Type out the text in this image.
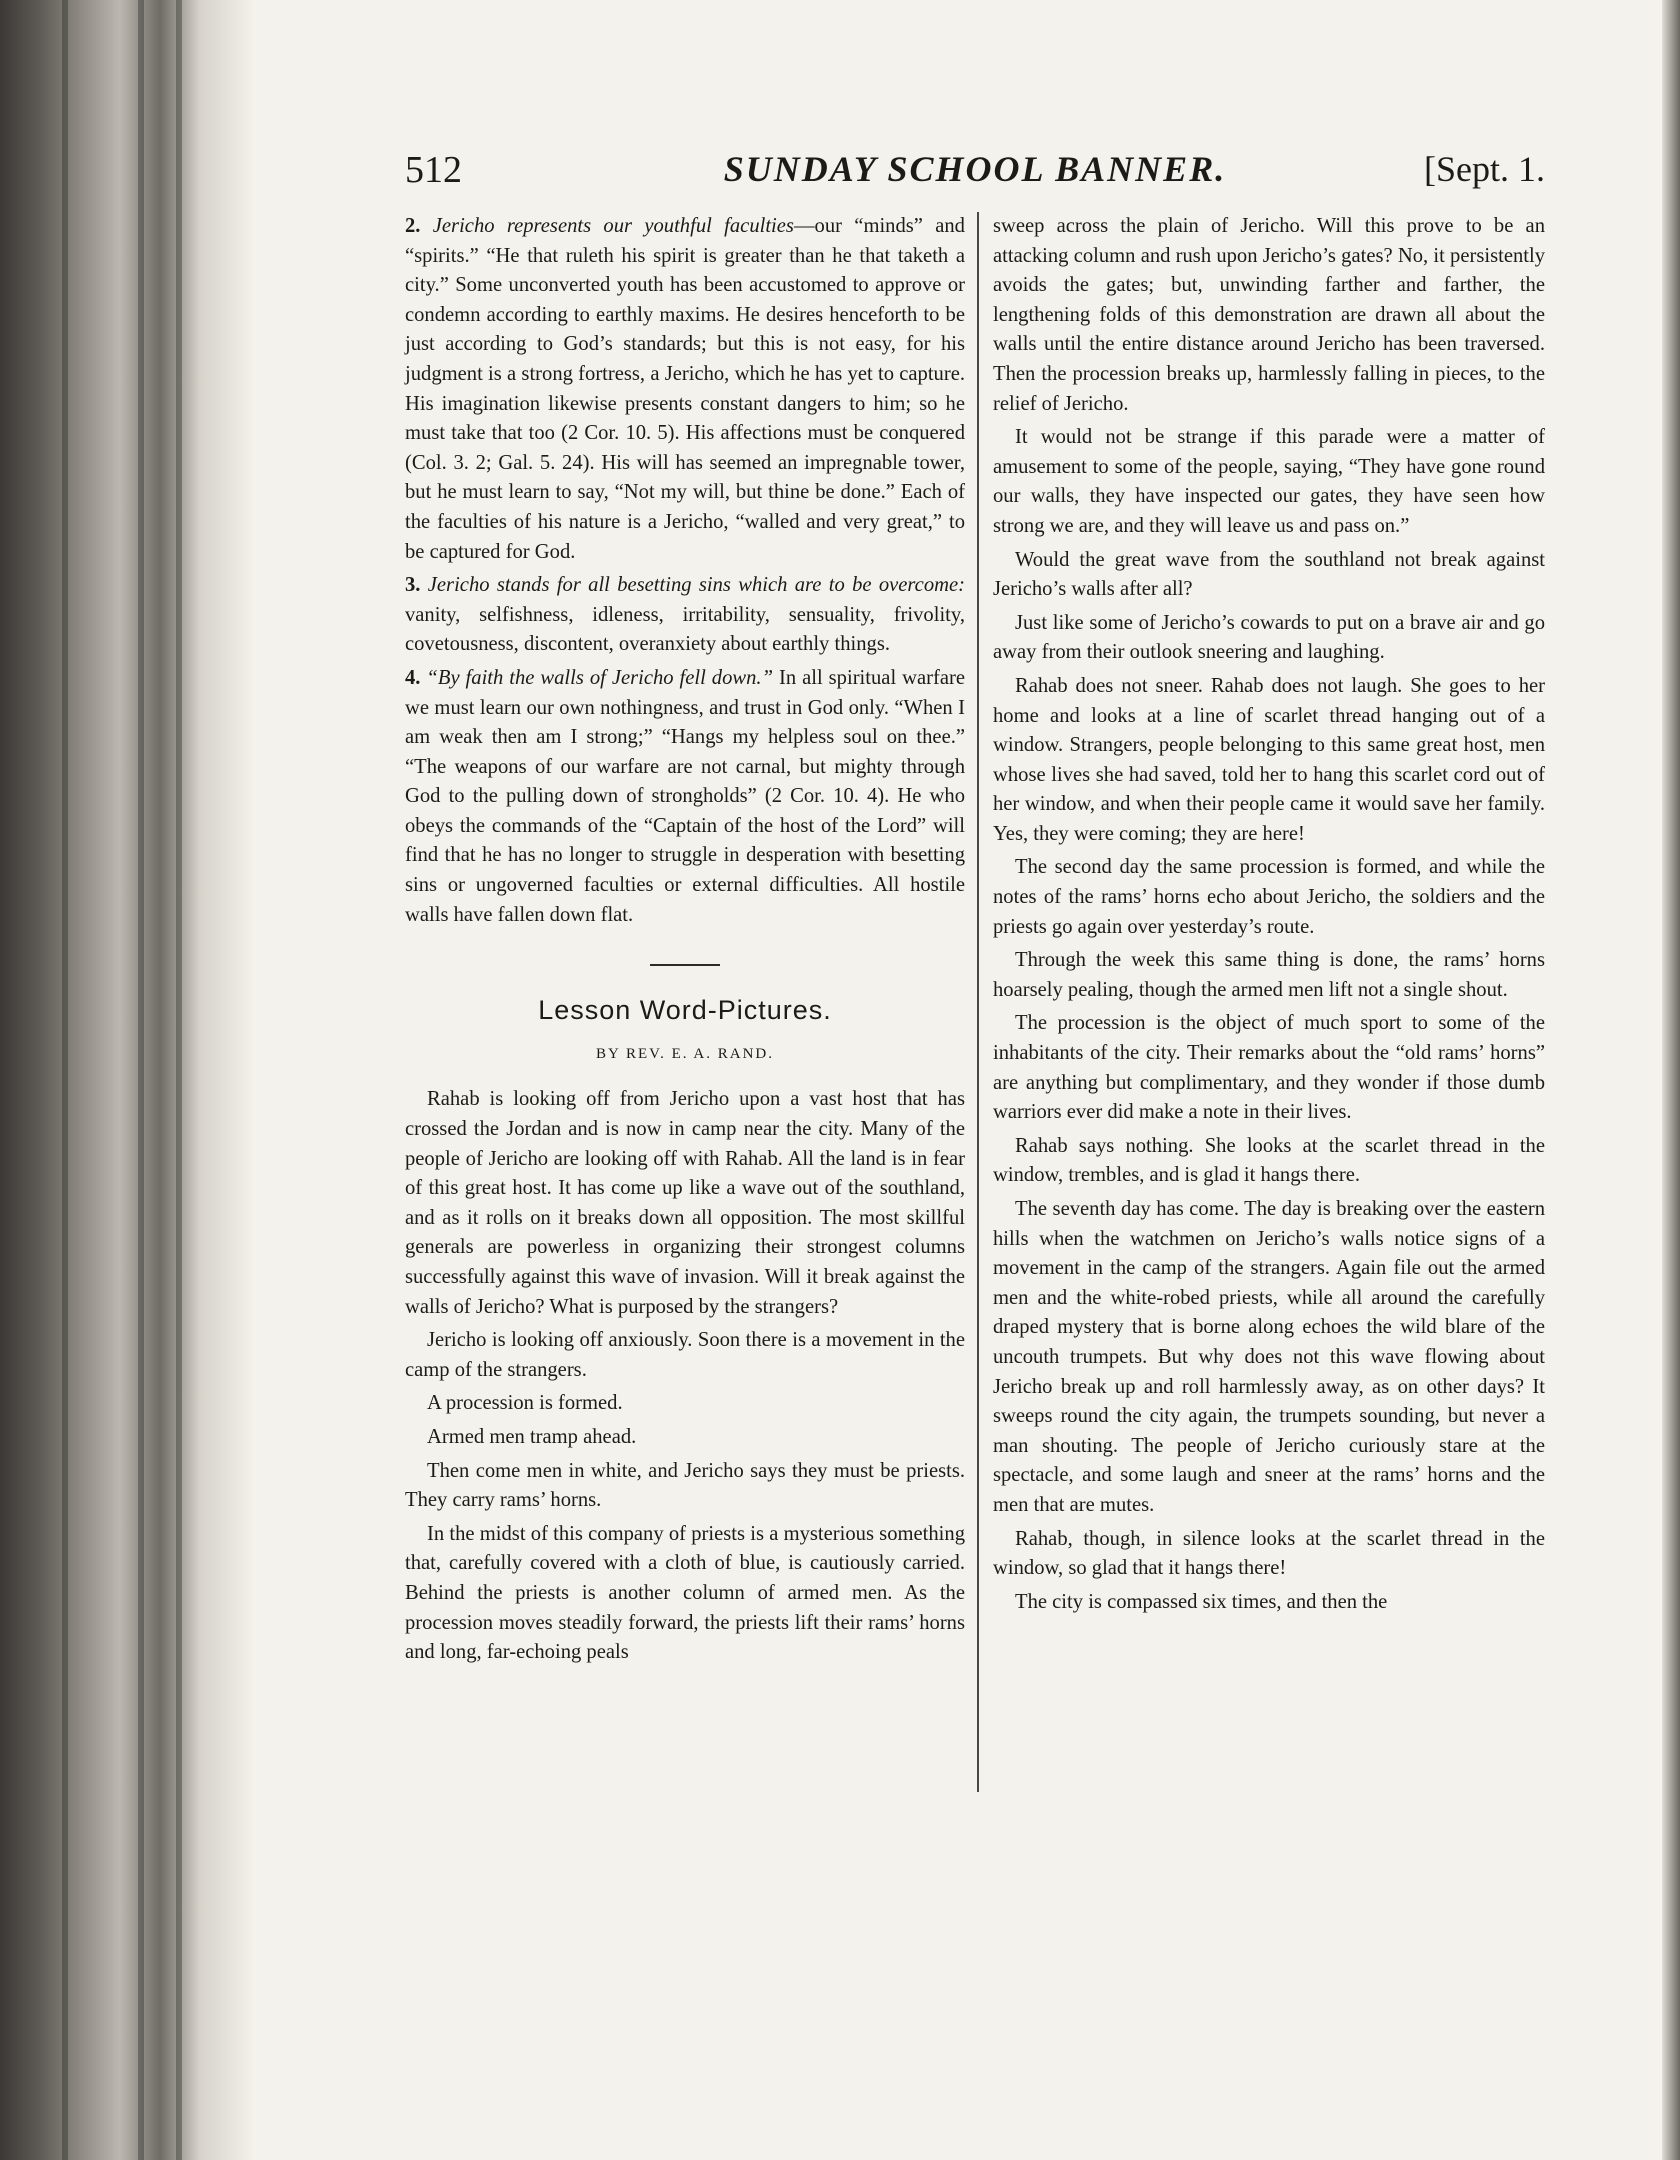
512	SUNDAY SCHOOL BANNER.	[Sept. 1.

2. Jericho represents our youthful faculties—our “minds” and “spirits.” “He that ruleth his spirit is greater than he that taketh a city.” Some unconverted youth has been accustomed to approve or condemn according to earthly maxims. He desires henceforth to be just according to God’s standards; but this is not easy, for his judgment is a strong fortress, a Jericho, which he has yet to capture. His imagination likewise presents constant dangers to him; so he must take that too (2 Cor. 10. 5). His affections must be conquered (Col. 3. 2; Gal. 5. 24). His will has seemed an impregnable tower, but he must learn to say, “Not my will, but thine be done.” Each of the faculties of his nature is a Jericho, “walled and very great,” to be captured for God.

3. Jericho stands for all besetting sins which are to be overcome: vanity, selfishness, idleness, irritability, sensuality, frivolity, covetousness, discontent, overanxiety about earthly things.

4. “By faith the walls of Jericho fell down.” In all spiritual warfare we must learn our own nothingness, and trust in God only. “When I am weak then am I strong;” “Hangs my helpless soul on thee.” “The weapons of our warfare are not carnal, but mighty through God to the pulling down of strongholds” (2 Cor. 10. 4). He who obeys the commands of the “Captain of the host of the Lord” will find that he has no longer to struggle in desperation with besetting sins or ungoverned faculties or external difficulties. All hostile walls have fallen down flat.

Lesson Word-Pictures.
BY REV. E. A. RAND.

Rahab is looking off from Jericho upon a vast host that has crossed the Jordan and is now in camp near the city. Many of the people of Jericho are looking off with Rahab. All the land is in fear of this great host. It has come up like a wave out of the southland, and as it rolls on it breaks down all opposition. The most skillful generals are powerless in organizing their strongest columns successfully against this wave of invasion. Will it break against the walls of Jericho? What is purposed by the strangers?

Jericho is looking off anxiously. Soon there is a movement in the camp of the strangers.

A procession is formed.

Armed men tramp ahead.

Then come men in white, and Jericho says they must be priests. They carry rams’ horns.

In the midst of this company of priests is a mysterious something that, carefully covered with a cloth of blue, is cautiously carried. Behind the priests is another column of armed men. As the procession moves steadily forward, the priests lift their rams’ horns and long, far-echoing peals

sweep across the plain of Jericho. Will this prove to be an attacking column and rush upon Jericho’s gates? No, it persistently avoids the gates; but, unwinding farther and farther, the lengthening folds of this demonstration are drawn all about the walls until the entire distance around Jericho has been traversed. Then the procession breaks up, harmlessly falling in pieces, to the relief of Jericho.

It would not be strange if this parade were a matter of amusement to some of the people, saying, “They have gone round our walls, they have inspected our gates, they have seen how strong we are, and they will leave us and pass on.”

Would the great wave from the southland not break against Jericho’s walls after all?

Just like some of Jericho’s cowards to put on a brave air and go away from their outlook sneering and laughing.

Rahab does not sneer. Rahab does not laugh. She goes to her home and looks at a line of scarlet thread hanging out of a window. Strangers, people belonging to this same great host, men whose lives she had saved, told her to hang this scarlet cord out of her window, and when their people came it would save her family. Yes, they were coming; they are here!

The second day the same procession is formed, and while the notes of the rams’ horns echo about Jericho, the soldiers and the priests go again over yesterday’s route.

Through the week this same thing is done, the rams’ horns hoarsely pealing, though the armed men lift not a single shout.

The procession is the object of much sport to some of the inhabitants of the city. Their remarks about the “old rams’ horns” are anything but complimentary, and they wonder if those dumb warriors ever did make a note in their lives.

Rahab says nothing. She looks at the scarlet thread in the window, trembles, and is glad it hangs there.

The seventh day has come. The day is breaking over the eastern hills when the watchmen on Jericho’s walls notice signs of a movement in the camp of the strangers. Again file out the armed men and the white-robed priests, while all around the carefully draped mystery that is borne along echoes the wild blare of the uncouth trumpets. But why does not this wave flowing about Jericho break up and roll harmlessly away, as on other days? It sweeps round the city again, the trumpets sounding, but never a man shouting. The people of Jericho curiously stare at the spectacle, and some laugh and sneer at the rams’ horns and the men that are mutes.

Rahab, though, in silence looks at the scarlet thread in the window, so glad that it hangs there!

The city is compassed six times, and then the
